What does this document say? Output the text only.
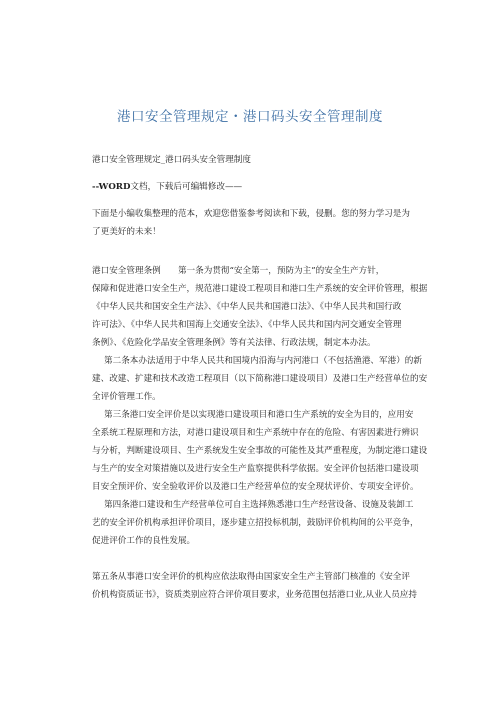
港口安全管理规定・港口码头安全管理制度
港口安全管理规定_港口码头安全管理制度
--WORD文档，下载后可编辑修改——
下面是小编收集整理的范本，欢迎您借鉴参考阅读和下载，侵删。您的努力学习是为
了更美好的未来！
港口安全管理条例　　第一条为贯彻“安全第一，预防为主”的安全生产方针，
保障和促进港口安全生产，规范港口建设工程项目和港口生产系统的安全评价管理，根据
《中华人民共和国安全生产法》、《中华人民共和国港口法》、《中华人民共和国行政
许可法》、《中华人民共和国海上交通安全法》、《中华人民共和国内河交通安全管理
条例》、《危险化学品安全管理条例》等有关法律、行政法规，制定本办法。
第二条本办法适用于中华人民共和国境内沿海与内河港口（不包括渔港、军港）的新
建、改建、扩建和技术改造工程项目（以下简称港口建设项目）及港口生产经营单位的安
全评价管理工作。
第三条港口安全评价是以实现港口建设项目和港口生产系统的安全为目的，应用安
全系统工程原理和方法，对港口建设项目和生产系统中存在的危险、有害因素进行辨识
与分析，判断建设项目、生产系统发生安全事故的可能性及其严重程度，为制定港口建设
与生产的安全对策措施以及进行安全生产监察提供科学依据。安全评价包括港口建设项
目安全预评价、安全验收评价以及港口生产经营单位的安全现状评价、专项安全评价。
第四条港口建设和生产经营单位可自主选择熟悉港口生产经营设备、设施及装卸工
艺的安全评价机构承担评价项目，逐步建立招投标机制，鼓励评价机构间的公平竞争，
促进评价工作的良性发展。
第五条从事港口安全评价的机构应依法取得由国家安全生产主管部门核准的《安全评
价机构资质证书》，资质类别应符合评价项目要求，业务范围包括港口业,从业人员应持
